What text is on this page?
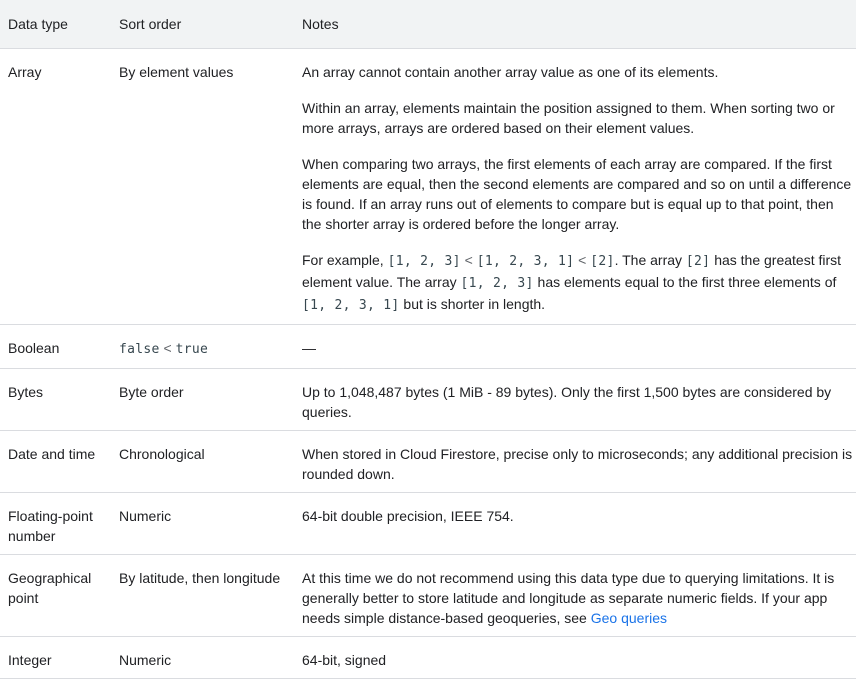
Data type	Sort order	Notes
Array	By element values	An array cannot contain another array value as one of its elements.

Within an array, elements maintain the position assigned to them. When sorting two or more arrays, arrays are ordered based on their element values.

When comparing two arrays, the first elements of each array are compared. If the first elements are equal, then the second elements are compared and so on until a difference is found. If an array runs out of elements to compare but is equal up to that point, then the shorter array is ordered before the longer array.

For example, [1, 2, 3] < [1, 2, 3, 1] < [2]. The array [2] has the greatest first element value. The array [1, 2, 3] has elements equal to the first three elements of [1, 2, 3, 1] but is shorter in length.

Boolean	false < true	—
Bytes	Byte order	Up to 1,048,487 bytes (1 MiB - 89 bytes). Only the first 1,500 bytes are considered by queries.
Date and time	Chronological	When stored in Cloud Firestore, precise only to microseconds; any additional precision is rounded down.
Floating-point number	Numeric	64-bit double precision, IEEE 754.
Geographical point	By latitude, then longitude	At this time we do not recommend using this data type due to querying limitations. It is generally better to store latitude and longitude as separate numeric fields. If your app needs simple distance-based geoqueries, see Geo queries
Integer	Numeric	64-bit, signed
